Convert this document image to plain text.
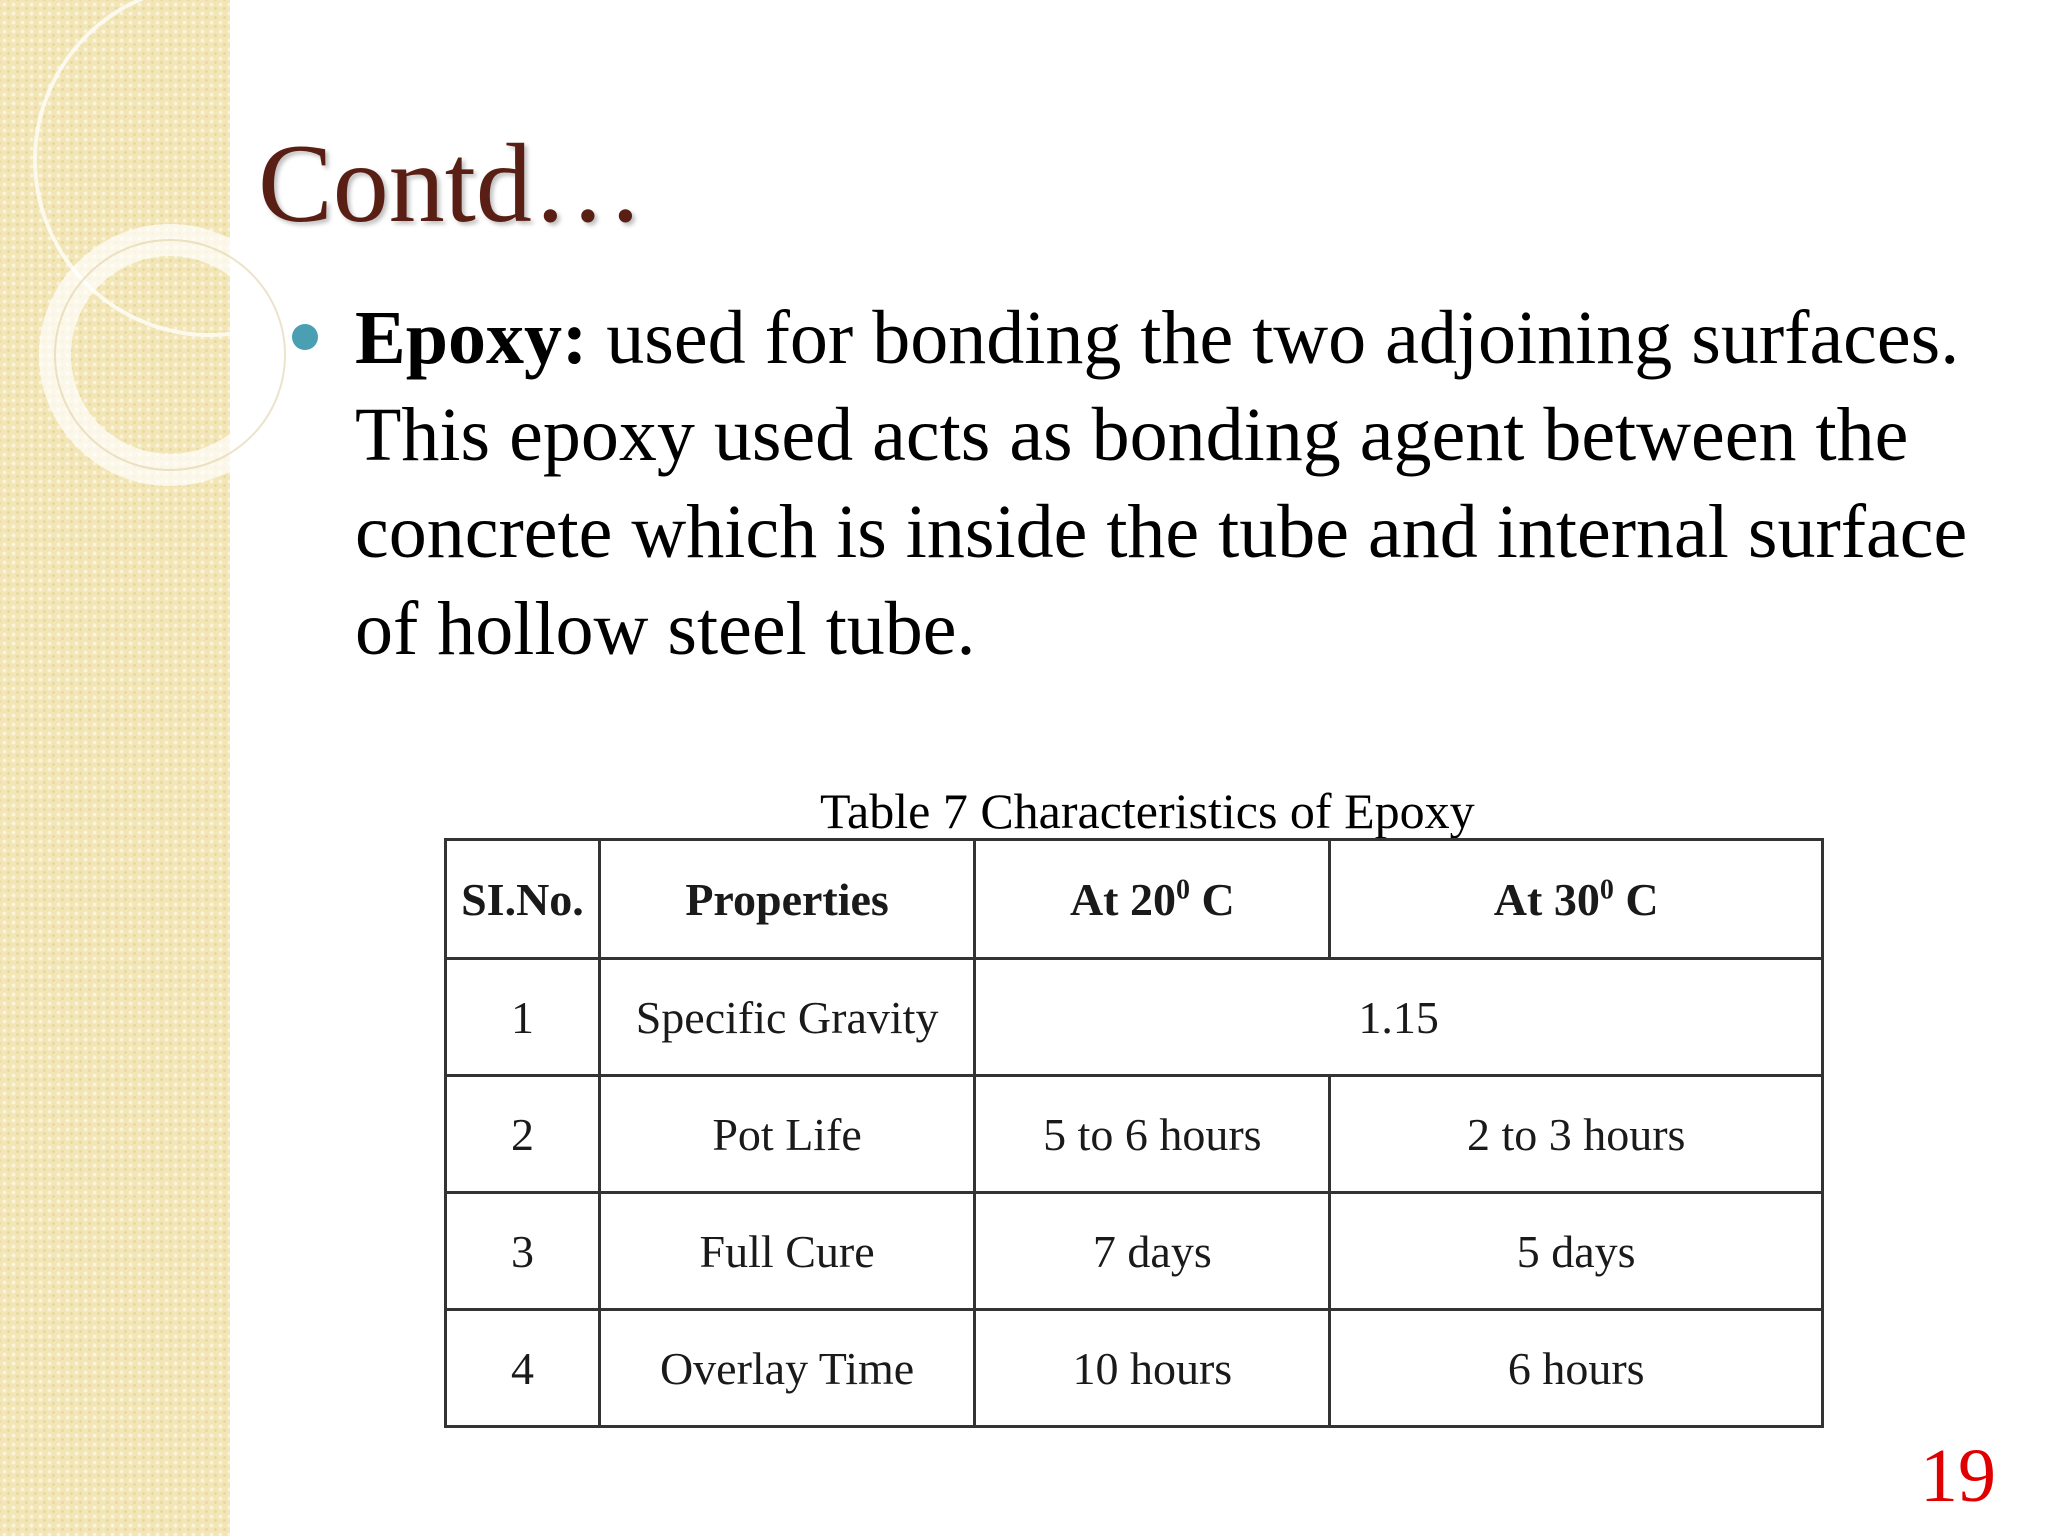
Contd…
Epoxy: used for bonding the two adjoining surfaces. This epoxy used acts as bonding agent between the concrete which is inside the tube and internal surface of hollow steel tube.
Table 7 Characteristics of Epoxy
SI.No.	Properties	At $20^0$ C	At $30^0$ C
1	Specific Gravity	1.15	
2	Pot Life	5 to 6 hours	2 to 3 hours
3	Full Cure	7 days	5 days
4	Overlay Time	10 hours	6 hours
19
